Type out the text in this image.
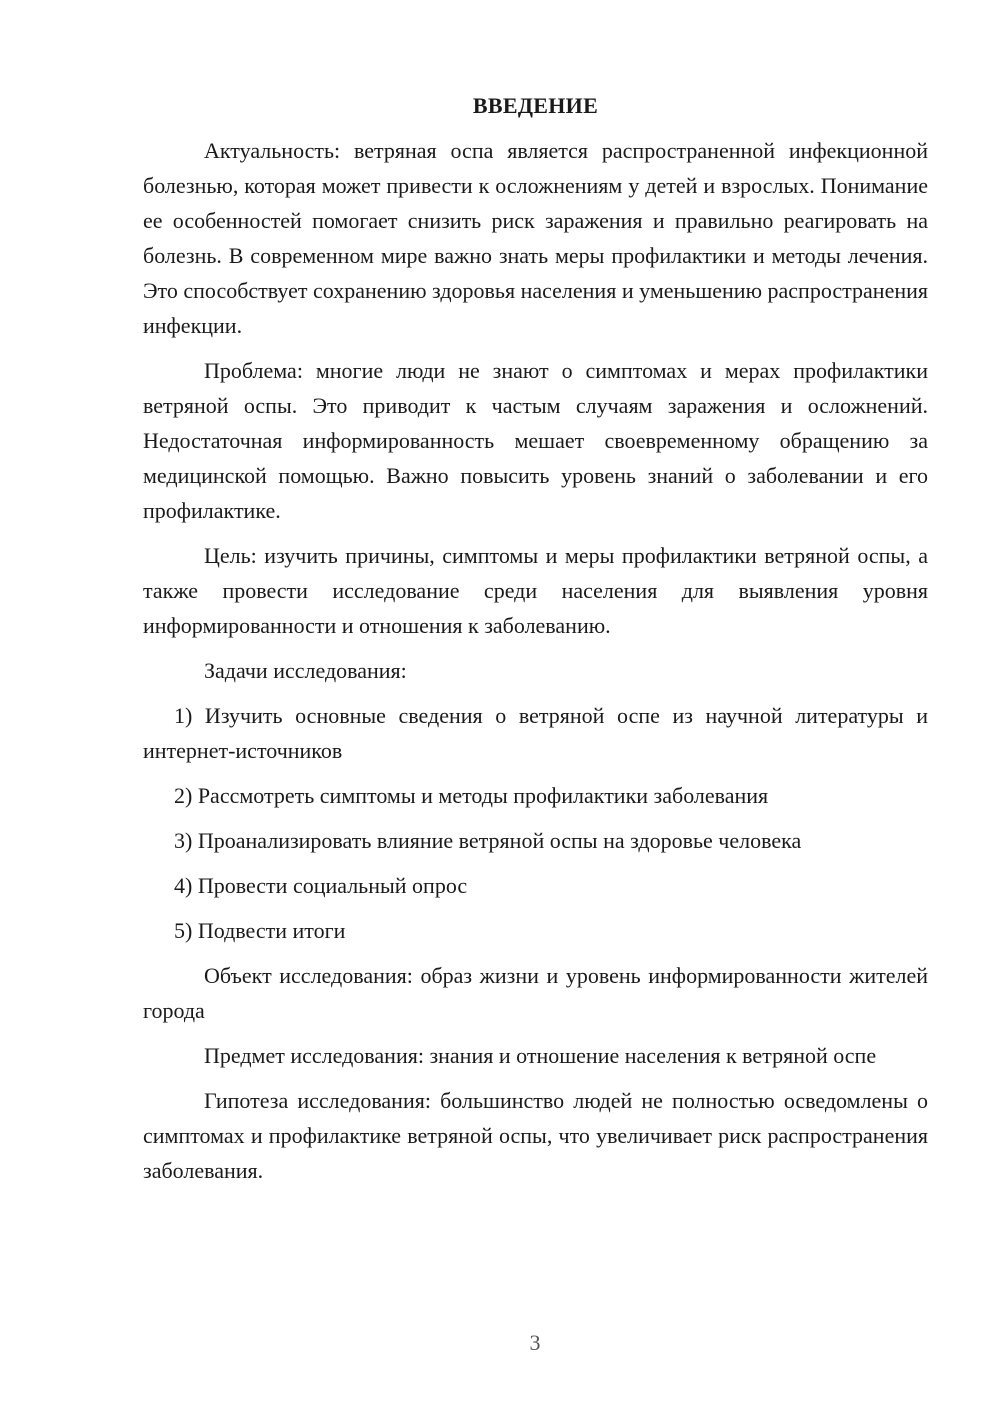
ВВЕДЕНИЕ

Актуальность: ветряная оспа является распространенной инфекционной болезнью, которая может привести к осложнениям у детей и взрослых. Понимание ее особенностей помогает снизить риск заражения и правильно реагировать на болезнь. В современном мире важно знать меры профилактики и методы лечения. Это способствует сохранению здоровья населения и уменьшению распространения инфекции.

Проблема: многие люди не знают о симптомах и мерах профилактики ветряной оспы. Это приводит к частым случаям заражения и осложнений. Недостаточная информированность мешает своевременному обращению за медицинской помощью. Важно повысить уровень знаний о заболевании и его профилактике.

Цель: изучить причины, симптомы и меры профилактики ветряной оспы, а также провести исследование среди населения для выявления уровня информированности и отношения к заболеванию.

Задачи исследования:

1) Изучить основные сведения о ветряной оспе из научной литературы и интернет-источников

2) Рассмотреть симптомы и методы профилактики заболевания

3) Проанализировать влияние ветряной оспы на здоровье человека

4) Провести социальный опрос

5) Подвести итоги

Объект исследования: образ жизни и уровень информированности жителей города

Предмет исследования: знания и отношение населения к ветряной оспе

Гипотеза исследования: большинство людей не полностью осведомлены о симптомах и профилактике ветряной оспы, что увеличивает риск распространения заболевания.

3
